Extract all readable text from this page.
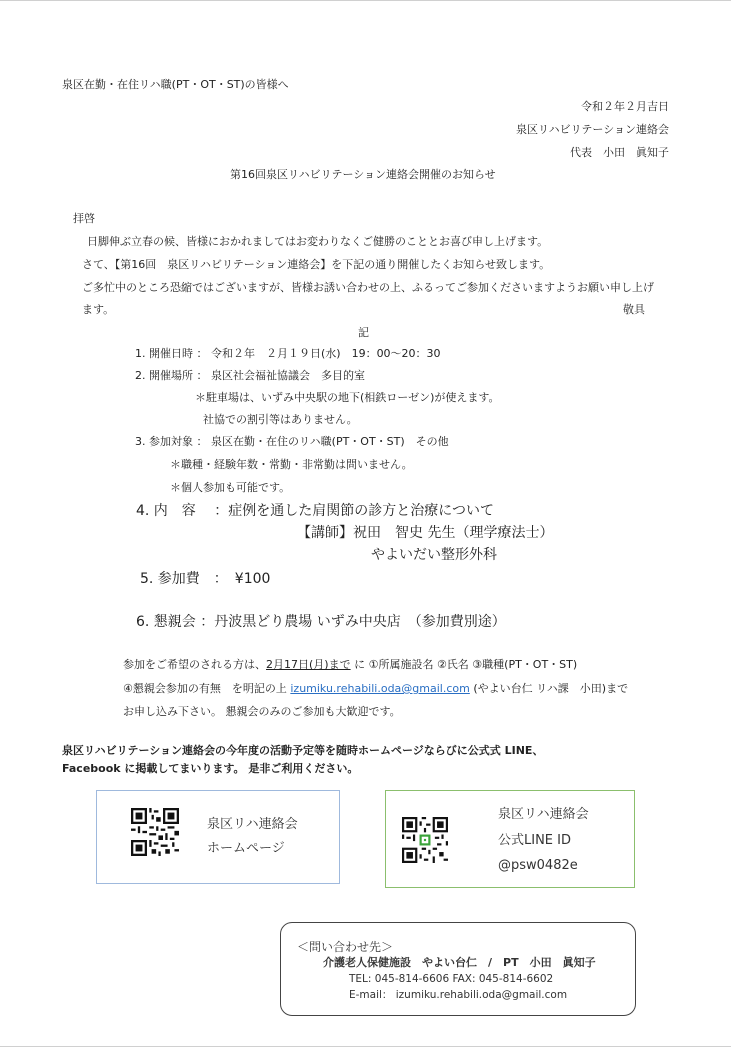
泉区在勤・在住リハ職(PT・OT・ST)の皆様へ
令和２年２月吉日
泉区リハビリテーション連絡会
代表　小田　眞知子
第16回泉区リハビリテーション連絡会開催のお知らせ
拝啓
日脚伸ぶ立春の候、皆様におかれましてはお変わりなくご健勝のこととお喜び申し上げます。
さて、【第16回　泉区リハビリテーション連絡会】を下記の通り開催したくお知らせ致します。
ご多忙中のところ恐縮ではございますが、皆様お誘い合わせの上、ふるってご参加くださいますようお願い申し上げ
ます。	敬具
記
1. 開催日時 ： 令和２年　２月１９日(水)　19：00～20：30
2. 開催場所 ： 泉区社会福祉協議会　多目的室
＊駐車場は、いずみ中央駅の地下(相鉄ローゼン)が使えます。
社協での割引等はありません。
3. 参加対象 ： 泉区在勤・在住のリハ職(PT・OT・ST)　その他
＊職種・経験年数・常勤・非常勤は問いません。
＊個人参加も可能です。
4. 内　容　 ：症例を通した肩関節の診方と治療について
【講師】祝田　智史 先生（理学療法士）
やよいだい整形外科
5. 参加費　：　¥100
6. 懇親会 ：丹波黒どり農場 いずみ中央店　（参加費別途）
参加をご希望のされる方は、2月17日(月)まで に ①所属施設名 ②氏名 ③職種(PT・OT・ST)
④懇親会参加の有無　を明記の上 izumiku.rehabili.oda@gmail.com (やよい台仁 リハ課　小田)まで
お申し込み下さい。 懇親会のみのご参加も大歓迎です。
泉区リハビリテーション連絡会の今年度の活動予定等を随時ホームページならびに公式式 LINE、
Facebook に掲載してまいります。 是非ご利用ください。
泉区リハ連絡会
ホームページ
泉区リハ連絡会
公式LINE ID
@psw0482e
＜問い合わせ先＞
介護老人保健施設　やよい台仁　/　PT　小田　眞知子
TEL: 045-814-6606 FAX: 045-814-6602
E-mail： izumiku.rehabili.oda@gmail.com
